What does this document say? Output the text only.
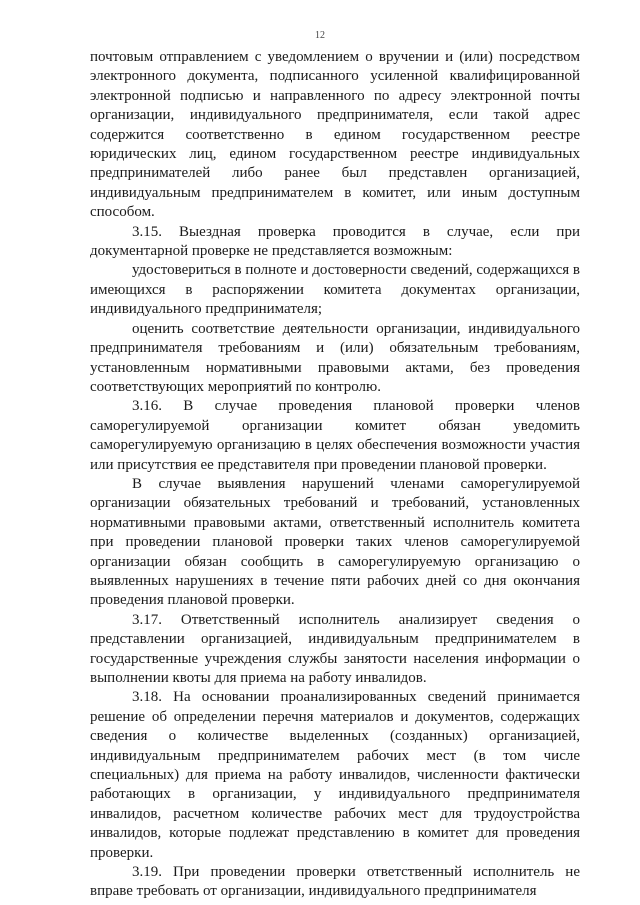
12

почтовым отправлением с уведомлением о вручении и (или) посредством электронного документа, подписанного усиленной квалифицированной электронной подписью и направленного по адресу электронной почты организации, индивидуального предпринимателя, если такой адрес содержится соответственно в едином государственном реестре юридических лиц, едином государственном реестре индивидуальных предпринимателей либо ранее был представлен организацией, индивидуальным предпринимателем в комитет, или иным доступным способом.

3.15. Выездная проверка проводится в случае, если при документарной проверке не представляется возможным:

удостовериться в полноте и достоверности сведений, содержащихся в имеющихся в распоряжении комитета документах организации, индивидуального предпринимателя;

оценить соответствие деятельности организации, индивидуального предпринимателя требованиям и (или) обязательным требованиям, установленным нормативными правовыми актами, без проведения соответствующих мероприятий по контролю.

3.16. В случае проведения плановой проверки членов саморегулируемой организации комитет обязан уведомить саморегулируемую организацию в целях обеспечения возможности участия или присутствия ее представителя при проведении плановой проверки.

В случае выявления нарушений членами саморегулируемой организации обязательных требований и требований, установленных нормативными правовыми актами, ответственный исполнитель комитета при проведении плановой проверки таких членов саморегулируемой организации обязан сообщить в саморегулируемую организацию о выявленных нарушениях в течение пяти рабочих дней со дня окончания проведения плановой проверки.

3.17. Ответственный исполнитель анализирует сведения о представлении организацией, индивидуальным предпринимателем в государственные учреждения службы занятости населения информации о выполнении квоты для приема на работу инвалидов.

3.18. На основании проанализированных сведений принимается решение об определении перечня материалов и документов, содержащих сведения о количестве выделенных (созданных) организацией, индивидуальным предпринимателем рабочих мест (в том числе специальных) для приема на работу инвалидов, численности фактически работающих в организации, у индивидуального предпринимателя инвалидов, расчетном количестве рабочих мест для трудоустройства инвалидов, которые подлежат представлению в комитет для проведения проверки.

3.19. При проведении проверки ответственный исполнитель не вправе требовать от организации, индивидуального предпринимателя
